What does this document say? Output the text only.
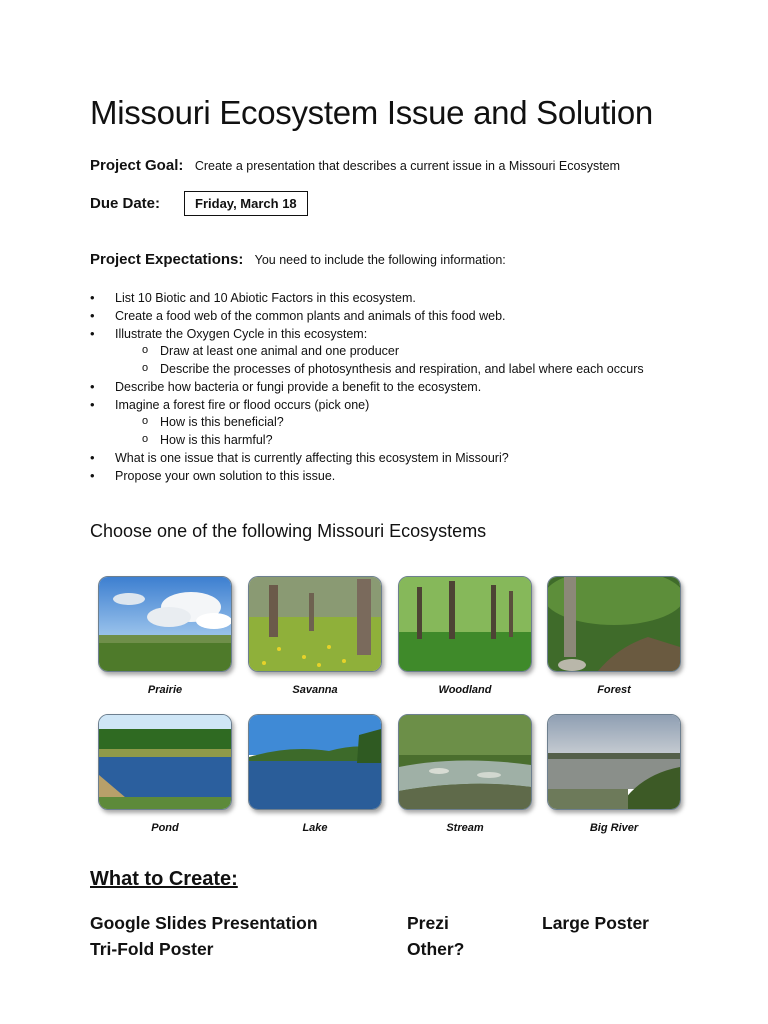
Missouri Ecosystem Issue and Solution
Project Goal: Create a presentation that describes a current issue in a Missouri Ecosystem
Due Date:	Friday, March 18
Project Expectations: You need to include the following information:
• List 10 Biotic and 10 Abiotic Factors in this ecosystem.
• Create a food web of the common plants and animals of this food web.
• Illustrate the Oxygen Cycle in this ecosystem:
o Draw at least one animal and one producer
o Describe the processes of photosynthesis and respiration, and label where each occurs
• Describe how bacteria or fungi provide a benefit to the ecosystem.
• Imagine a forest fire or flood occurs (pick one)
o How is this beneficial?
o How is this harmful?
• What is one issue that is currently affecting this ecosystem in Missouri?
• Propose your own solution to this issue.
Choose one of the following Missouri Ecosystems
Prairie	Savanna	Woodland	Forest
Pond	Lake	Stream	Big River
What to Create:
Google Slides Presentation	Prezi	Large Poster
Tri-Fold Poster	Other?
